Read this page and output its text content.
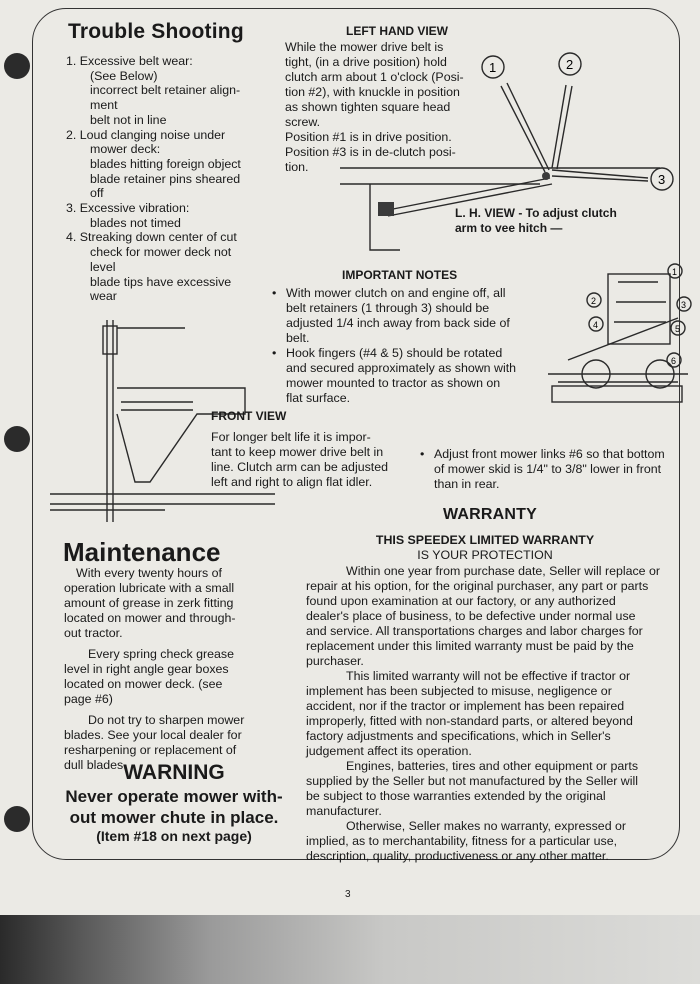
Trouble Shooting
1. Excessive belt wear:
(See Below)
incorrect belt retainer align-
ment
belt not in line
2. Loud clanging noise under
mower deck:
blades hitting foreign object
blade retainer pins sheared
off
3. Excessive vibration:
blades not timed
4. Streaking down center of cut
check for mower deck not
level
blade tips have excessive
wear
LEFT HAND VIEW
While the mower drive belt is
tight, (in a drive position) hold
clutch arm about 1 o'clock (Posi-
tion #2), with knuckle in position
as shown tighten square head
screw.
Position #1 is in drive position.
Position #3 is in de-clutch posi-
tion.
1	2
3
L. H. VIEW - To adjust clutch
arm to vee hitch —
IMPORTANT NOTES
• With mower clutch on and engine off, all
belt retainers (1 through 3) should be
adjusted 1/4 inch away from back side of
belt.
• Hook fingers (#4 & 5) should be rotated
and secured approximately as shown with
mower mounted to tractor as shown on
flat surface.
1
2	3
4	5
6
FRONT VIEW
For longer belt life it is impor-
tant to keep mower drive belt in
line. Clutch arm can be adjusted
left and right to align flat idler.
• Adjust front mower links #6 so that bottom
of mower skid is 1/4" to 3/8" lower in front
than in rear.
Maintenance
With every twenty hours of
operation lubricate with a small
amount of grease in zerk fitting
located on mower and through-
out tractor.
Every spring check grease
level in right angle gear boxes
located on mower deck. (see
page #6)
Do not try to sharpen mower
blades. See your local dealer for
resharpening or replacement of
dull blades.
WARNING
Never operate mower with-
out mower chute in place.
(Item #18 on next page)
WARRANTY
THIS SPEEDEX LIMITED WARRANTY
IS YOUR PROTECTION
Within one year from purchase date, Seller will replace or
repair at his option, for the original purchaser, any part or parts
found upon examination at our factory, or any authorized
dealer's place of business, to be defective under normal use
and service. All transportations charges and labor charges for
replacement under this limited warranty must be paid by the
purchaser.
This limited warranty will not be effective if tractor or
implement has been subjected to misuse, negligence or
accident, nor if the tractor or implement has been repaired
improperly, fitted with non-standard parts, or altered beyond
factory adjustments and specifications, which in Seller's
judgement affect its operation.
Engines, batteries, tires and other equipment or parts
supplied by the Seller but not manufactured by the Seller will
be subject to those warranties extended by the original
manufacturer.
Otherwise, Seller makes no warranty, expressed or
implied, as to merchantability, fitness for a particular use,
description, quality, productiveness or any other matter.
3
